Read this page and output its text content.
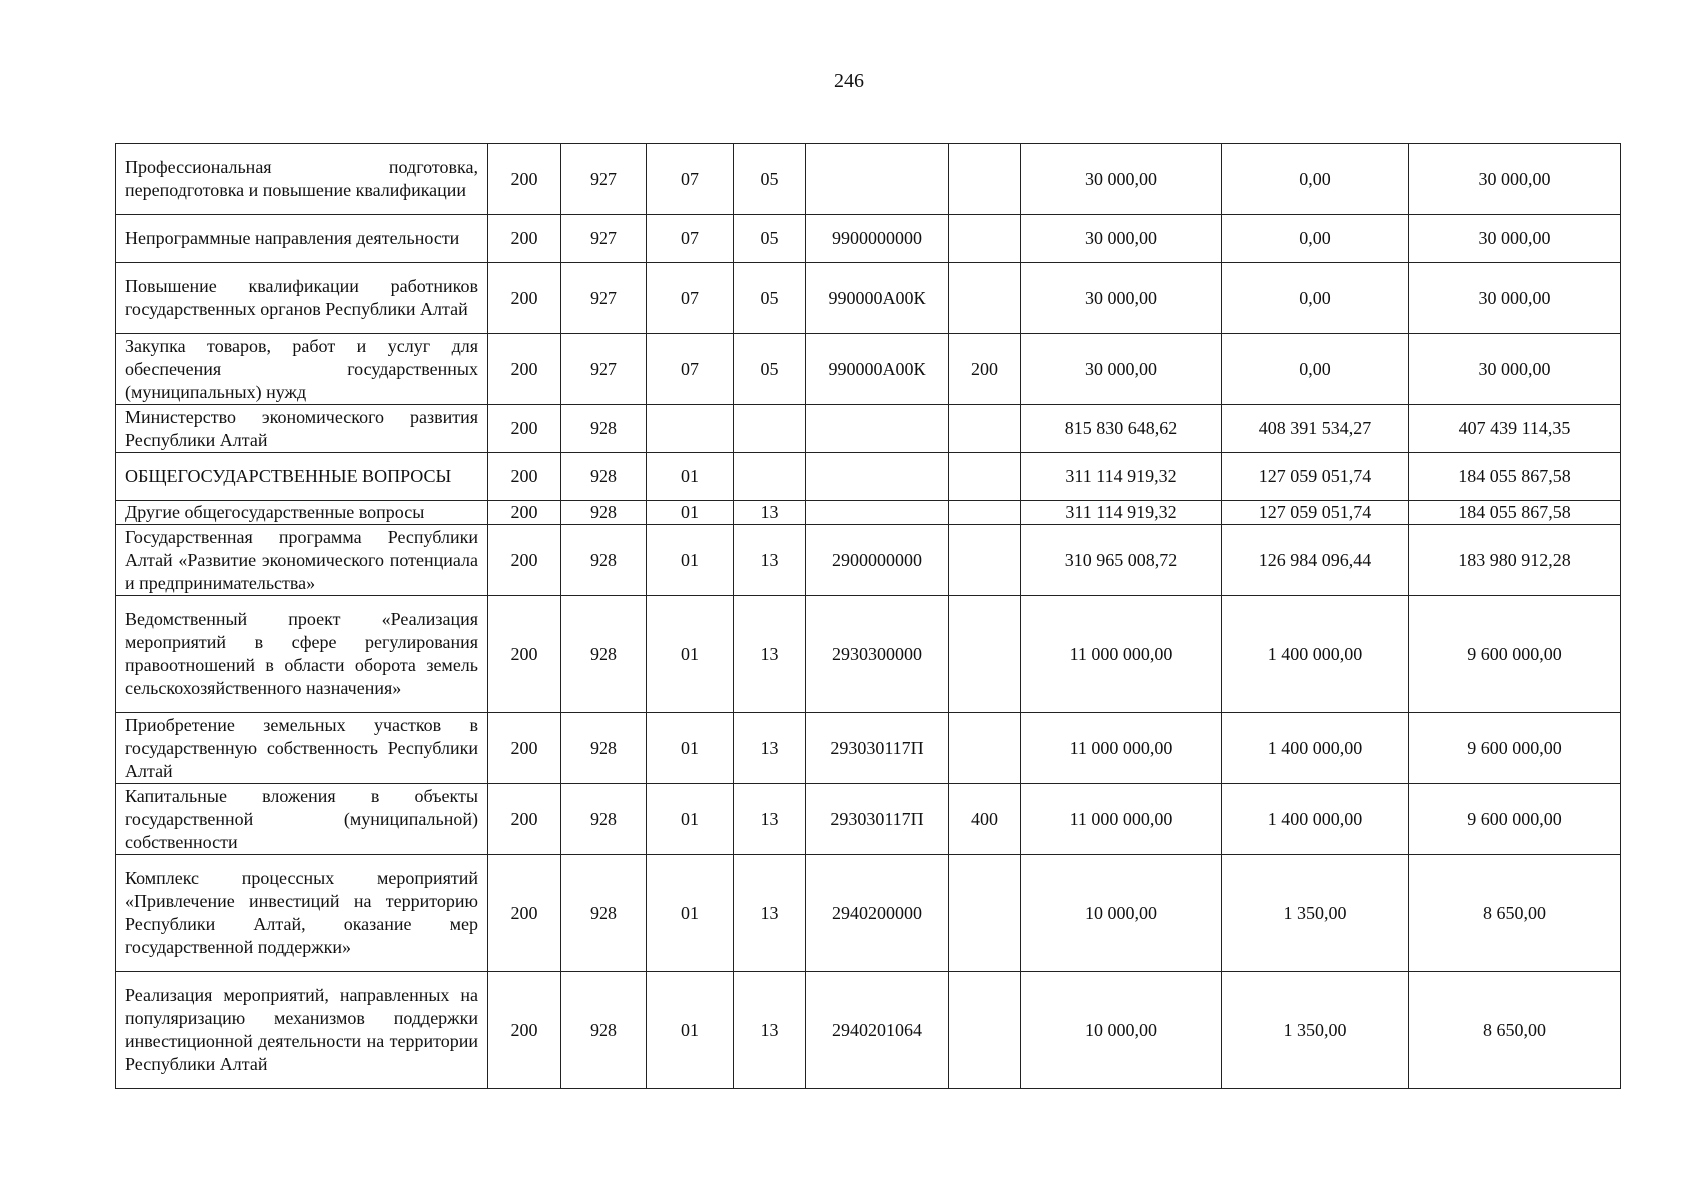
246
Профессиональная подготовка, переподготовка и повышение квалификации	200	927	07	05			30 000,00	0,00	30 000,00
Непрограммные направления деятельности	200	927	07	05	9900000000		30 000,00	0,00	30 000,00
Повышение квалификации работников государственных органов Республики Алтай	200	927	07	05	990000А00К		30 000,00	0,00	30 000,00
Закупка товаров, работ и услуг для обеспечения государственных (муниципальных) нужд	200	927	07	05	990000А00К	200	30 000,00	0,00	30 000,00
Министерство экономического развития Республики Алтай	200	928					815 830 648,62	408 391 534,27	407 439 114,35
ОБЩЕГОСУДАРСТВЕННЫЕ ВОПРОСЫ	200	928	01				311 114 919,32	127 059 051,74	184 055 867,58
Другие общегосударственные вопросы	200	928	01	13			311 114 919,32	127 059 051,74	184 055 867,58
Государственная программа Республики Алтай «Развитие экономического потенциала и предпринимательства»	200	928	01	13	2900000000		310 965 008,72	126 984 096,44	183 980 912,28
Ведомственный проект «Реализация мероприятий в сфере регулирования правоотношений в области оборота земель сельскохозяйственного назначения»	200	928	01	13	2930300000		11 000 000,00	1 400 000,00	9 600 000,00
Приобретение земельных участков в государственную собственность Республики Алтай	200	928	01	13	293030117П		11 000 000,00	1 400 000,00	9 600 000,00
Капитальные вложения в объекты государственной (муниципальной) собственности	200	928	01	13	293030117П	400	11 000 000,00	1 400 000,00	9 600 000,00
Комплекс процессных мероприятий «Привлечение инвестиций на территорию Республики Алтай, оказание мер государственной поддержки»	200	928	01	13	2940200000		10 000,00	1 350,00	8 650,00
Реализация мероприятий, направленных на популяризацию механизмов поддержки инвестиционной деятельности на территории Республики Алтай	200	928	01	13	2940201064		10 000,00	1 350,00	8 650,00
